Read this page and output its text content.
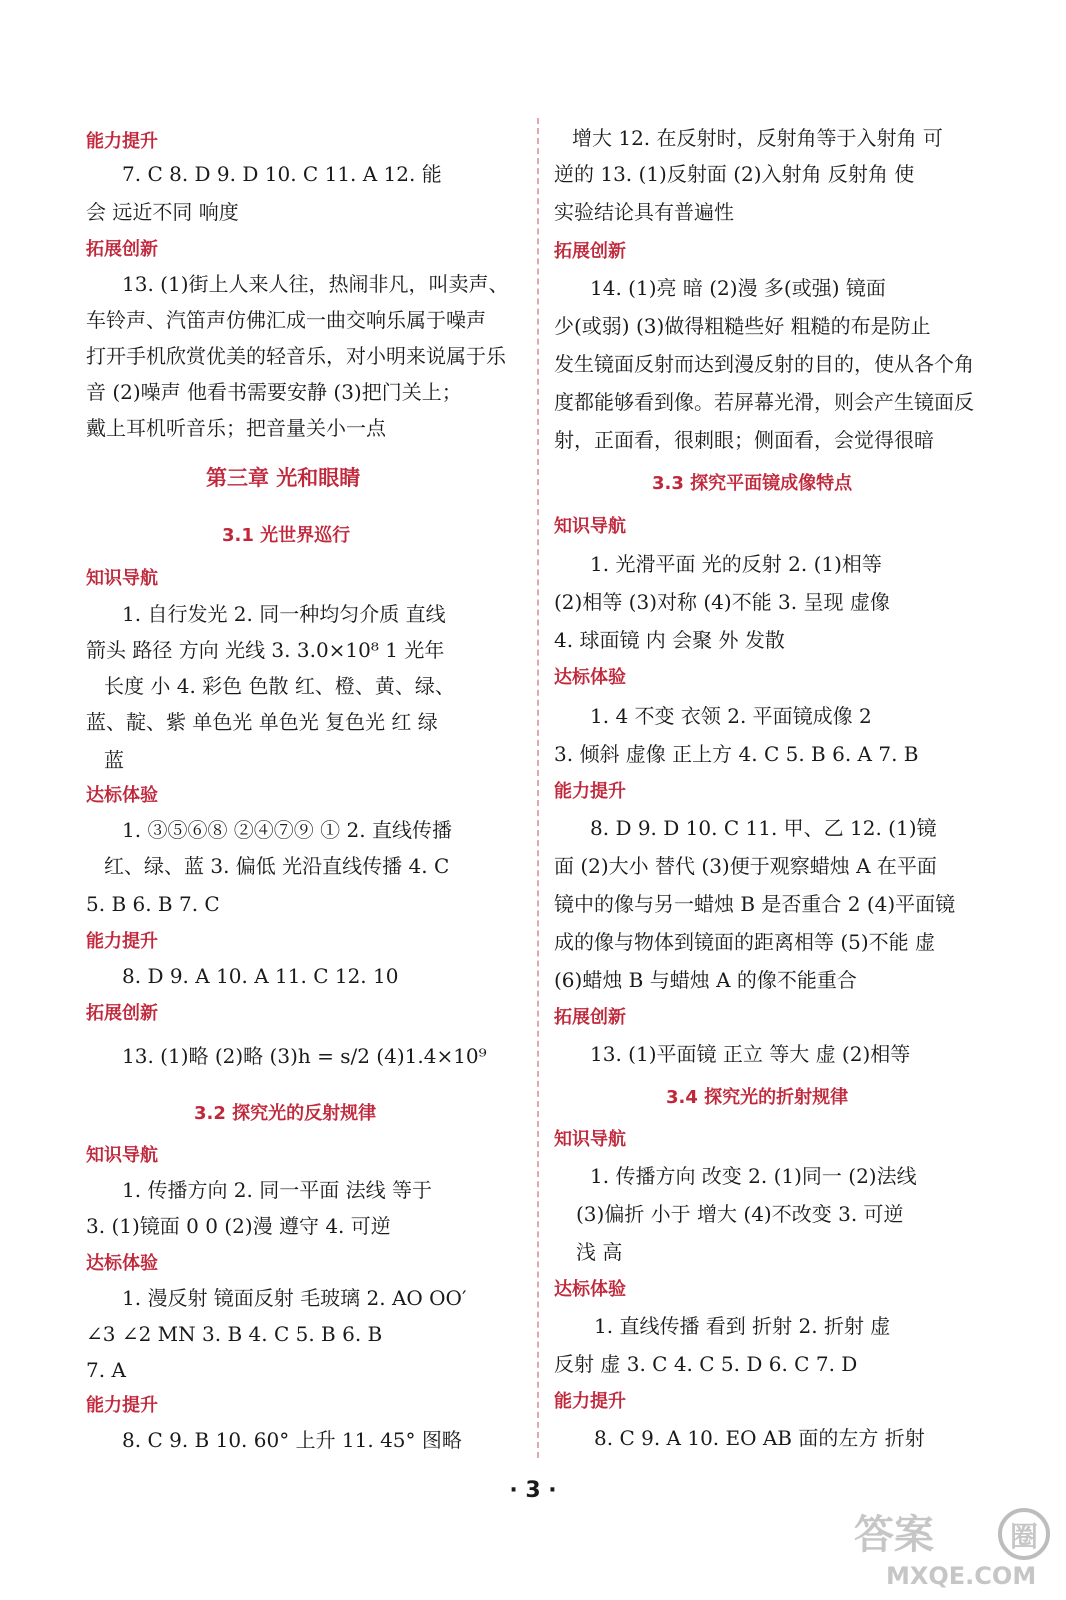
能力提升
7. C 8. D 9. D 10. C 11. A 12. 能
会 远近不同 响度
拓展创新
13. (1)街上人来人往，热闹非凡，叫卖声、
车铃声、汽笛声仿佛汇成一曲交响乐属于噪声
打开手机欣赏优美的轻音乐，对小明来说属于乐
音 (2)噪声 他看书需要安静 (3)把门关上；
戴上耳机听音乐；把音量关小一点
第三章 光和眼睛
3.1 光世界巡行
知识导航
1. 自行发光 2. 同一种均匀介质 直线
箭头 路径 方向 光线 3. 3.0×10⁸ 1 光年
长度 小 4. 彩色 色散 红、橙、黄、绿、
蓝、靛、紫 单色光 单色光 复色光 红 绿
蓝
达标体验
1. ③⑤⑥⑧ ②④⑦⑨ ① 2. 直线传播
红、绿、蓝 3. 偏低 光沿直线传播 4. C
5. B 6. B 7. C
能力提升
8. D 9. A 10. A 11. C 12. 10
拓展创新
13. (1)略 (2)略 (3)h = s/2 (4)1.4×10⁹
3.2 探究光的反射规律
知识导航
1. 传播方向 2. 同一平面 法线 等于
3. (1)镜面 0 0 (2)漫 遵守 4. 可逆
达标体验
1. 漫反射 镜面反射 毛玻璃 2. AO OO′
∠3 ∠2 MN 3. B 4. C 5. B 6. B
7. A
能力提升
8. C 9. B 10. 60° 上升 11. 45° 图略
增大 12. 在反射时，反射角等于入射角 可
逆的 13. (1)反射面 (2)入射角 反射角 使
实验结论具有普遍性
拓展创新
14. (1)亮 暗 (2)漫 多(或强) 镜面
少(或弱) (3)做得粗糙些好 粗糙的布是防止
发生镜面反射而达到漫反射的目的，使从各个角
度都能够看到像。若屏幕光滑，则会产生镜面反
射，正面看，很刺眼；侧面看，会觉得很暗
3.3 探究平面镜成像特点
知识导航
1. 光滑平面 光的反射 2. (1)相等
(2)相等 (3)对称 (4)不能 3. 呈现 虚像
4. 球面镜 内 会聚 外 发散
达标体验
1. 4 不变 衣领 2. 平面镜成像 2
3. 倾斜 虚像 正上方 4. C 5. B 6. A 7. B
能力提升
8. D 9. D 10. C 11. 甲、乙 12. (1)镜
面 (2)大小 替代 (3)便于观察蜡烛 A 在平面
镜中的像与另一蜡烛 B 是否重合 2 (4)平面镜
成的像与物体到镜面的距离相等 (5)不能 虚
(6)蜡烛 B 与蜡烛 A 的像不能重合
拓展创新
13. (1)平面镜 正立 等大 虚 (2)相等
3.4 探究光的折射规律
知识导航
1. 传播方向 改变 2. (1)同一 (2)法线
(3)偏折 小于 增大 (4)不改变 3. 可逆
浅 高
达标体验
1. 直线传播 看到 折射 2. 折射 虚
反射 虚 3. C 4. C 5. D 6. C 7. D
能力提升
8. C 9. A 10. EO AB 面的左方 折射
· 3 ·
答案	圈
MXQE.COM
